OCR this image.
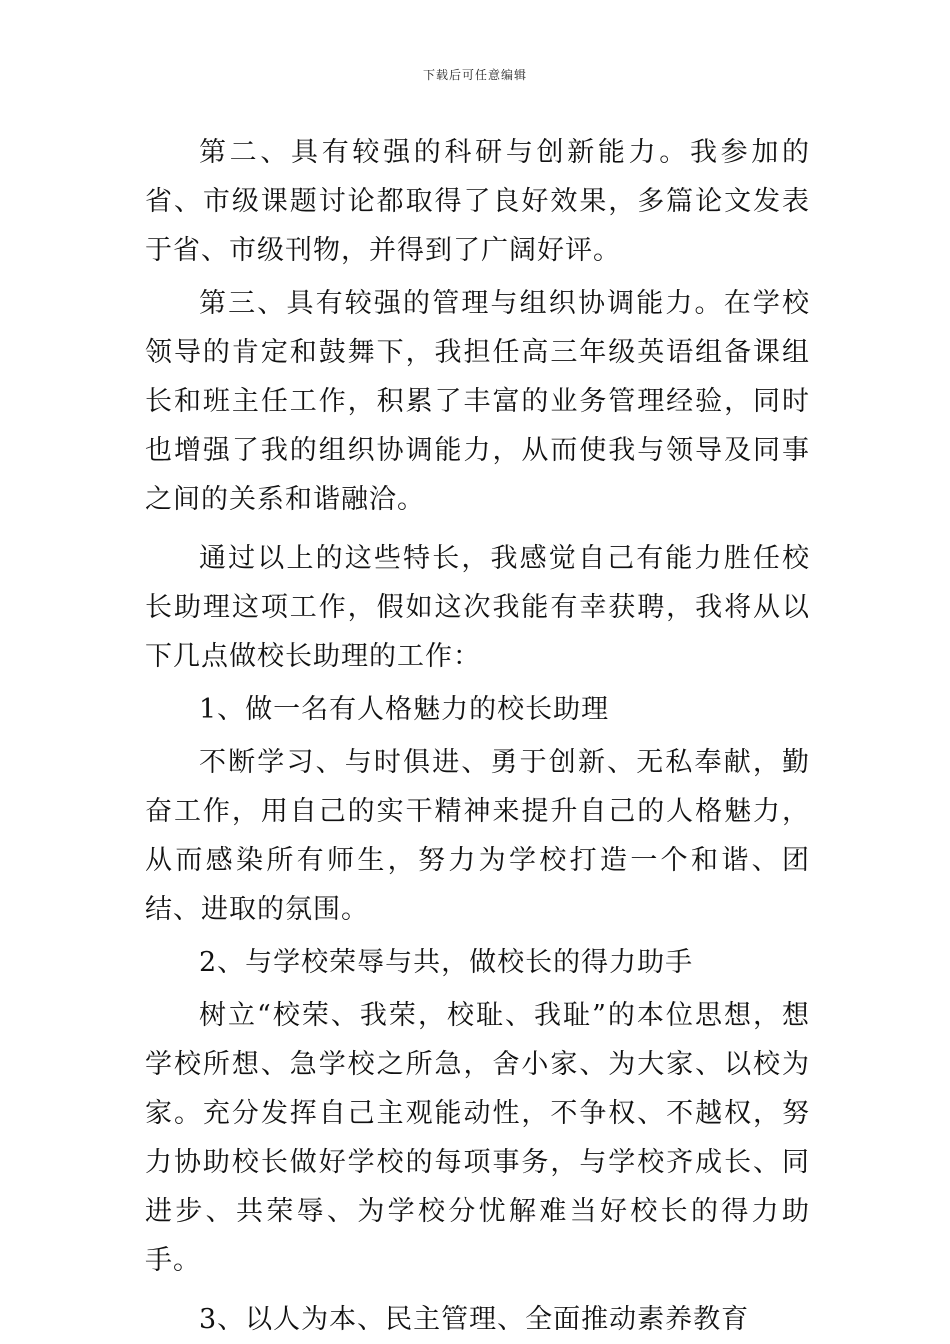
下载后可任意编辑

第二、具有较强的科研与创新能力。我参加的省、市级课题讨论都取得了良好效果，多篇论文发表于省、市级刊物，并得到了广阔好评。

第三、具有较强的管理与组织协调能力。在学校领导的肯定和鼓舞下，我担任高三年级英语组备课组长和班主任工作，积累了丰富的业务管理经验，同时也增强了我的组织协调能力，从而使我与领导及同事之间的关系和谐融洽。

通过以上的这些特长，我感觉自己有能力胜任校长助理这项工作，假如这次我能有幸获聘，我将从以下几点做校长助理的工作：

1、做一名有人格魅力的校长助理

不断学习、与时俱进、勇于创新、无私奉献，勤奋工作，用自己的实干精神来提升自己的人格魅力，从而感染所有师生，努力为学校打造一个和谐、团结、进取的氛围。

2、与学校荣辱与共，做校长的得力助手

树立“校荣、我荣，校耻、我耻”的本位思想，想学校所想、急学校之所急，舍小家、为大家、以校为家。充分发挥自己主观能动性，不争权、不越权，努力协助校长做好学校的每项事务，与学校齐成长、同进步、共荣辱、为学校分忧解难当好校长的得力助手。

3、以人为本、民主管理、全面推动素养教育
